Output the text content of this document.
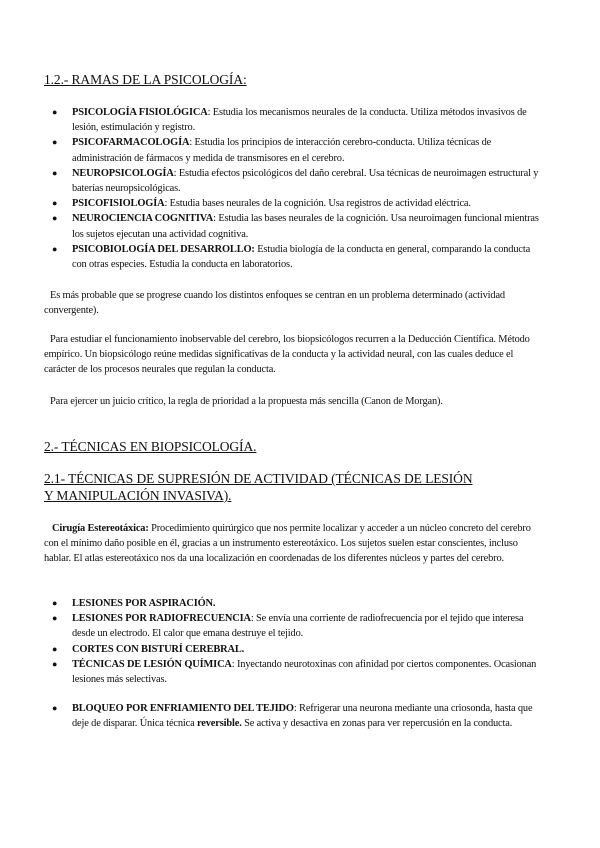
1.2.- RAMAS DE LA PSICOLOGÍA:
● PSICOLOGÍA FISIOLÓGICA: Estudia los mecanismos neurales de la conducta. Utiliza métodos invasivos de lesión, estimulación y registro.
● PSICOFARMACOLOGÍA: Estudia los principios de interacción cerebro-conducta. Utiliza técnicas de administración de fármacos y medida de transmisores en el cerebro.
● NEUROPSICOLOGÍA: Estudia efectos psicológicos del daño cerebral. Usa técnicas de neuroimagen estructural y baterías neuropsicológicas.
● PSICOFISIOLOGÍA: Estudia bases neurales de la cognición. Usa registros de actividad eléctrica.
● NEUROCIENCIA COGNITIVA: Estudia las bases neurales de la cognición. Usa neuroimagen funcional mientras los sujetos ejecutan una actividad cognitiva.
● PSICOBIOLOGÍA DEL DESARROLLO: Estudia biología de la conducta en general, comparando la conducta con otras especies. Estudia la conducta en laboratorios.

Es más probable que se progrese cuando los distintos enfoques se centran en un problema determinado (actividad convergente).

Para estudiar el funcionamiento inobservable del cerebro, los biopsicólogos recurren a la Deducción Científica. Método empírico. Un biopsicólogo reúne medidas significativas de la conducta y la actividad neural, con las cuales deduce el carácter de los procesos neurales que regulan la conducta.

Para ejercer un juicio crítico, la regla de prioridad a la propuesta más sencilla (Canon de Morgan).

2.- TÉCNICAS EN BIOPSICOLOGÍA.
2.1- TÉCNICAS DE SUPRESIÓN DE ACTIVIDAD (TÉCNICAS DE LESIÓN Y MANIPULACIÓN INVASIVA).

Cirugía Estereotáxica: Procedimiento quirúrgico que nos permite localizar y acceder a un núcleo concreto del cerebro con el mínimo daño posible en él, gracias a un instrumento estereotáxico. Los sujetos suelen estar conscientes, incluso hablar. El atlas estereotáxico nos da una localización en coordenadas de los diferentes núcleos y partes del cerebro.

● LESIONES POR ASPIRACIÓN.
● LESIONES POR RADIOFRECUENCIA: Se envía una corriente de radiofrecuencia por el tejido que interesa desde un electrodo. El calor que emana destruye el tejido.
● CORTES CON BISTURÍ CEREBRAL.
● TÉCNICAS DE LESIÓN QUÍMICA: Inyectando neurotoxinas con afinidad por ciertos componentes. Ocasionan lesiones más selectivas.
● BLOQUEO POR ENFRIAMIENTO DEL TEJIDO: Refrigerar una neurona mediante una criosonda, hasta que deje de disparar. Única técnica reversible. Se activa y desactiva en zonas para ver repercusión en la conducta.
